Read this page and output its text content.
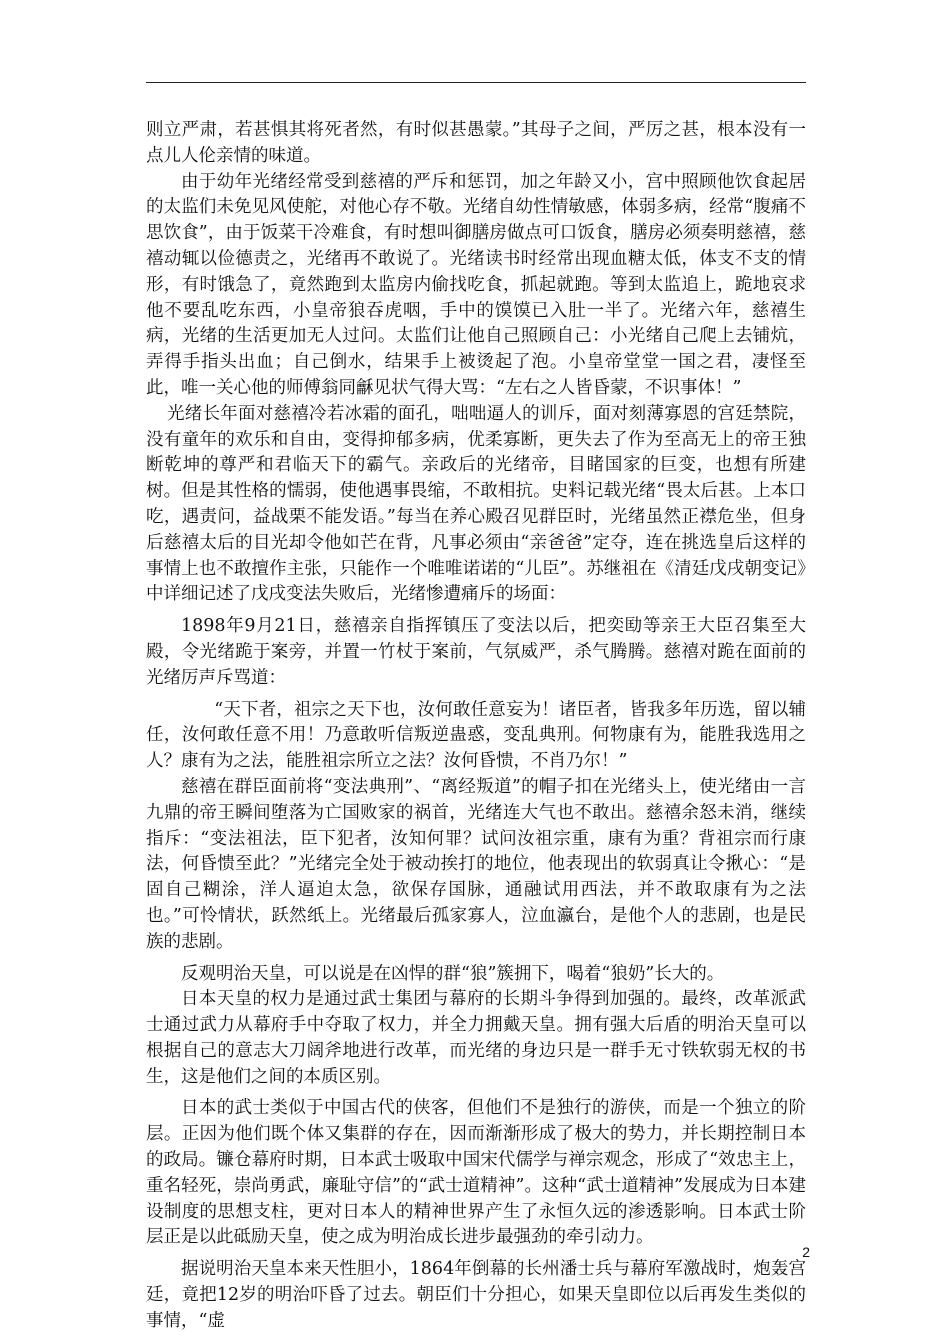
则立严肃，若甚惧其将死者然，有时似甚愚蒙。”其母子之间，严厉之甚，根本没有一点儿人伦亲情的味道。

由于幼年光绪经常受到慈禧的严斥和惩罚，加之年龄又小，宫中照顾他饮食起居的太监们未免见风使舵，对他心存不敬。光绪自幼性情敏感，体弱多病，经常“腹痛不思饮食”，由于饭菜干冷难食，有时想叫御膳房做点可口饭食，膳房必须奏明慈禧，慈禧动辄以俭德责之，光绪再不敢说了。光绪读书时经常出现血糖太低，体支不支的情形，有时饿急了，竟然跑到太监房内偷找吃食，抓起就跑。等到太监追上，跪地哀求他不要乱吃东西，小皇帝狼吞虎咽，手中的馍馍已入肚一半了。光绪六年，慈禧生病，光绪的生活更加无人过问。太监们让他自己照顾自己：小光绪自己爬上去铺炕，弄得手指头出血；自己倒水，结果手上被烫起了泡。小皇帝堂堂一国之君，凄怪至此，唯一关心他的师傅翁同龢见状气得大骂：“左右之人皆昏蒙，不识事体！”

光绪长年面对慈禧冷若冰霜的面孔，咄咄逼人的训斥，面对刻薄寡恩的宫廷禁院，没有童年的欢乐和自由，变得抑郁多病，优柔寡断，更失去了作为至高无上的帝王独断乾坤的尊严和君临天下的霸气。亲政后的光绪帝，目睹国家的巨变，也想有所建树。但是其性格的懦弱，使他遇事畏缩，不敢相抗。史料记载光绪“畏太后甚。上本口吃，遇责问，益战栗不能发语。”每当在养心殿召见群臣时，光绪虽然正襟危坐，但身后慈禧太后的目光却令他如芒在背，凡事必须由“亲爸爸”定夺，连在挑选皇后这样的事情上也不敢擅作主张，只能作一个唯唯诺诺的“儿臣”。苏继祖在《清廷戊戌朝变记》中详细记述了戊戌变法失败后，光绪惨遭痛斥的场面：

1898年9月21日，慈禧亲自指挥镇压了变法以后，把奕劻等亲王大臣召集至大殿，令光绪跪于案旁，并置一竹杖于案前，气氛威严，杀气腾腾。慈禧对跪在面前的光绪厉声斥骂道：

“天下者，祖宗之天下也，汝何敢任意妄为！诸臣者，皆我多年历选，留以辅任，汝何敢任意不用！乃意敢听信叛逆蛊惑，变乱典刑。何物康有为，能胜我选用之人？康有为之法，能胜祖宗所立之法？汝何昏愦，不肖乃尔！”

慈禧在群臣面前将“变法典刑”、“离经叛道”的帽子扣在光绪头上，使光绪由一言九鼎的帝王瞬间堕落为亡国败家的祸首，光绪连大气也不敢出。慈禧余怒未消，继续指斥：“变法祖法，臣下犯者，汝知何罪？试问汝祖宗重，康有为重？背祖宗而行康法，何昏愦至此？”光绪完全处于被动挨打的地位，他表现出的软弱真让令揪心：“是固自己糊涂，洋人逼迫太急，欲保存国脉，通融试用西法，并不敢取康有为之法也。”可怜情状，跃然纸上。光绪最后孤家寡人，泣血瀛台，是他个人的悲剧，也是民族的悲剧。

反观明治天皇，可以说是在凶悍的群“狼”簇拥下，喝着“狼奶”长大的。

日本天皇的权力是通过武士集团与幕府的长期斗争得到加强的。最终，改革派武士通过武力从幕府手中夺取了权力，并全力拥戴天皇。拥有强大后盾的明治天皇可以根据自己的意志大刀阔斧地进行改革，而光绪的身边只是一群手无寸铁软弱无权的书生，这是他们之间的本质区别。

日本的武士类似于中国古代的侠客，但他们不是独行的游侠，而是一个独立的阶层。正因为他们既个体又集群的存在，因而渐渐形成了极大的势力，并长期控制日本的政局。镰仓幕府时期，日本武士吸取中国宋代儒学与禅宗观念，形成了“效忠主上，重名轻死，崇尚勇武，廉耻守信”的“武士道精神”。这种“武士道精神”发展成为日本建设制度的思想支柱，更对日本人的精神世界产生了永恒久远的渗透影响。日本武士阶层正是以此砥励天皇，使之成为明治成长进步最强劲的牵引动力。

据说明治天皇本来天性胆小，1864年倒幕的长州潘士兵与幕府军激战时，炮轰宫廷，竟把12岁的明治吓昏了过去。朝臣们十分担心，如果天皇即位以后再发生类似的事情，“虚

2
